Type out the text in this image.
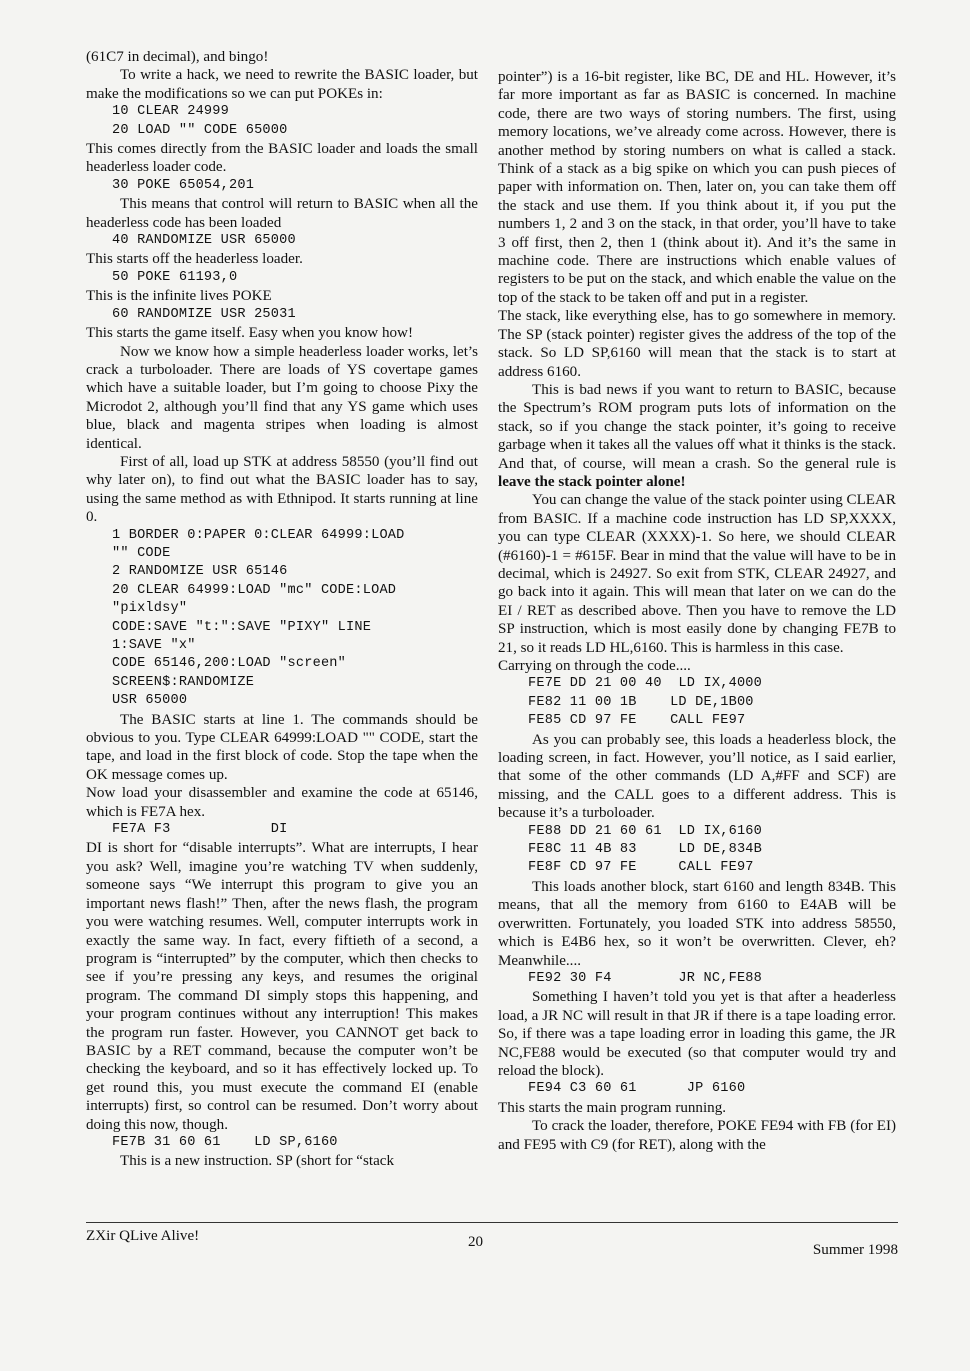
(61C7 in decimal), and bingo!
To write a hack, we need to rewrite the BASIC loader, but make the modifications so we can put POKEs in:
10 CLEAR 24999
20 LOAD "" CODE 65000
This comes directly from the BASIC loader and loads the small headerless loader code.
30 POKE 65054,201
This means that control will return to BASIC when all the headerless code has been loaded
40 RANDOMIZE USR 65000
This starts off the headerless loader.
50 POKE 61193,0
This is the infinite lives POKE
60 RANDOMIZE USR 25031
This starts the game itself. Easy when you know how!
Now we know how a simple headerless loader works, let’s crack a turboloader. There are loads of YS covertape games which have a suitable loader, but I’m going to choose Pixy the Microdot 2, although you’ll find that any YS game which uses blue, black and magenta stripes when loading is almost identical.
First of all, load up STK at address 58550 (you’ll find out why later on), to find out what the BASIC loader has to say, using the same method as with Ethnipod. It starts running at line 0.
1 BORDER 0:PAPER 0:CLEAR 64999:LOAD
"" CODE
2 RANDOMIZE USR 65146
20 CLEAR 64999:LOAD "mc" CODE:LOAD
"pixldsy"
CODE:SAVE "t:":SAVE "PIXY" LINE
1:SAVE "x"
CODE 65146,200:LOAD "screen"
SCREEN$:RANDOMIZE
USR 65000
The BASIC starts at line 1. The commands should be obvious to you. Type CLEAR 64999:LOAD "" CODE, start the tape, and load in the first block of code. Stop the tape when the OK message comes up.
Now load your disassembler and examine the code at 65146, which is FE7A hex.
FE7A F3            DI
DI is short for “disable interrupts”. What are interrupts, I hear you ask? Well, imagine you’re watching TV when suddenly, someone says “We interrupt this program to give you an important news flash!” Then, after the news flash, the program you were watching resumes. Well, computer interrupts work in exactly the same way. In fact, every fiftieth of a second, a program is “interrupted” by the computer, which then checks to see if you’re pressing any keys, and resumes the original program. The command DI simply stops this happening, and your program continues without any interruption! This makes the program run faster. However, you CANNOT get back to BASIC by a RET command, because the computer won’t be checking the keyboard, and so it has effectively locked up. To get round this, you must execute the command EI (enable interrupts) first, so control can be resumed. Don’t worry about doing this now, though.
FE7B 31 60 61    LD SP,6160
This is a new instruction. SP (short for “stack
pointer”) is a 16-bit register, like BC, DE and HL. However, it’s far more important as far as BASIC is concerned. In machine code, there are two ways of storing numbers. The first, using memory locations, we’ve already come across. However, there is another method by storing numbers on what is called a stack. Think of a stack as a big spike on which you can push pieces of paper with information on. Then, later on, you can take them off the stack and use them. If you think about it, if you put the numbers 1, 2 and 3 on the stack, in that order, you’ll have to take 3 off first, then 2, then 1 (think about it). And it’s the same in machine code. There are instructions which enable values of registers to be put on the stack, and which enable the value on the top of the stack to be taken off and put in a register.
The stack, like everything else, has to go somewhere in memory. The SP (stack pointer) register gives the address of the top of the stack. So LD SP,6160 will mean that the stack is to start at address 6160.
This is bad news if you want to return to BASIC, because the Spectrum’s ROM program puts lots of information on the stack, so if you change the stack pointer, it’s going to receive garbage when it takes all the values off what it thinks is the stack. And that, of course, will mean a crash. So the general rule is leave the stack pointer alone!
You can change the value of the stack pointer using CLEAR from BASIC. If a machine code instruction has LD SP,XXXX, you can type CLEAR (XXXX)-1. So here, we should CLEAR (#6160)-1 = #615F. Bear in mind that the value will have to be in decimal, which is 24927. So exit from STK, CLEAR 24927, and go back into it again. This will mean that later on we can do the EI / RET as described above. Then you have to remove the LD SP instruction, which is most easily done by changing FE7B to 21, so it reads LD HL,6160. This is harmless in this case.
Carrying on through the code....
FE7E DD 21 00 40  LD IX,4000
FE82 11 00 1B    LD DE,1B00
FE85 CD 97 FE    CALL FE97
As you can probably see, this loads a headerless block, the loading screen, in fact. However, you’ll notice, as I said earlier, that some of the other commands (LD A,#FF and SCF) are missing, and the CALL goes to a different address. This is because it’s a turboloader.
FE88 DD 21 60 61  LD IX,6160
FE8C 11 4B 83     LD DE,834B
FE8F CD 97 FE     CALL FE97
This loads another block, start 6160 and length 834B. This means, that all the memory from 6160 to E4AB will be overwritten. Fortunately, you loaded STK into address 58550, which is E4B6 hex, so it won’t be overwritten. Clever, eh? Meanwhile....
FE92 30 F4        JR NC,FE88
Something I haven’t told you yet is that after a headerless load, a JR NC will result in that JR if there is a tape loading error. So, if there was a tape loading error in loading this game, the JR NC,FE88 would be executed (so that computer would try and reload the block).
FE94 C3 60 61      JP 6160
This starts the main program running.
To crack the loader, therefore, POKE FE94 with FB (for EI) and FE95 with C9 (for RET), along with the
ZXir QLive Alive!	20	Summer 1998
